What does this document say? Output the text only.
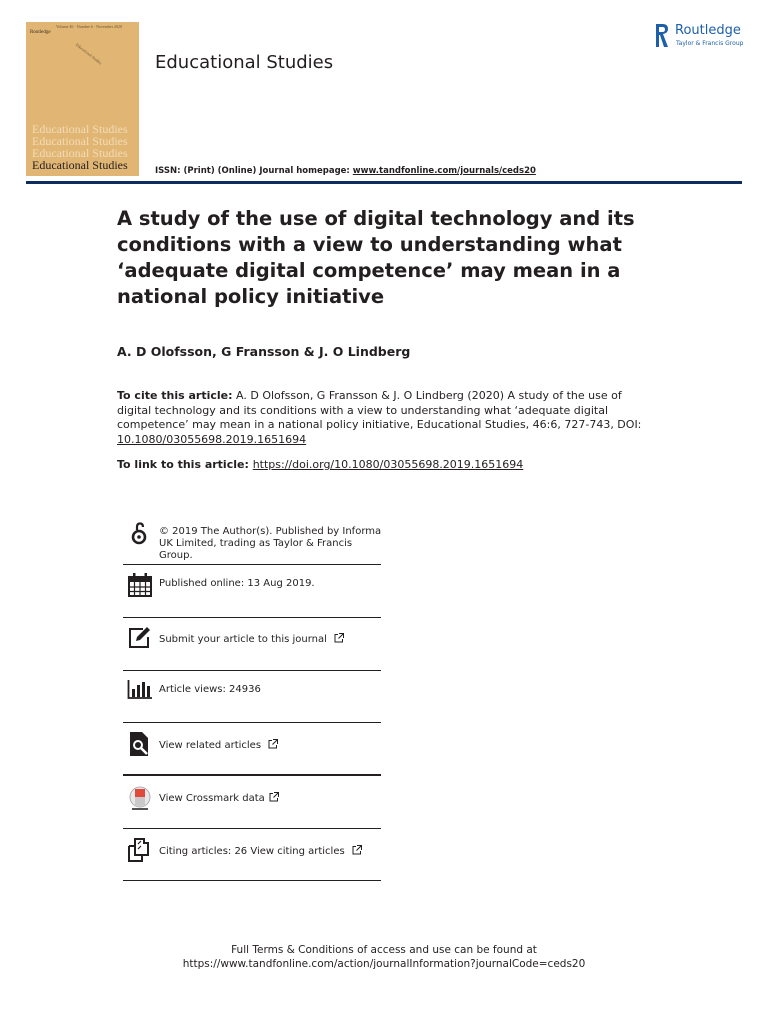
Volume 46 · Number 6 · November 2020
Routledge
Educational Studies
Educational Studies
Educational Studies
Educational Studies
Educational Studies
Educational Studies
ISSN: (Print) (Online) Journal homepage: www.tandfonline.com/journals/ceds20
Routledge
Taylor & Francis Group
A study of the use of digital technology and its
conditions with a view to understanding what
‘adequate digital competence’ may mean in a
national policy initiative
A. D Olofsson, G Fransson & J. O Lindberg
To cite this article: A. D Olofsson, G Fransson & J. O Lindberg (2020) A study of the use of digital technology and its conditions with a view to understanding what ‘adequate digital competence’ may mean in a national policy initiative, Educational Studies, 46:6, 727-743, DOI: 10.1080/03055698.2019.1651694
To link to this article: https://doi.org/10.1080/03055698.2019.1651694
© 2019 The Author(s). Published by Informa
UK Limited, trading as Taylor & Francis
Group.
Published online: 13 Aug 2019.
Submit your article to this journal
Article views: 24936
View related articles
View Crossmark data
Citing articles: 26 View citing articles
Full Terms & Conditions of access and use can be found at
https://www.tandfonline.com/action/journalInformation?journalCode=ceds20
